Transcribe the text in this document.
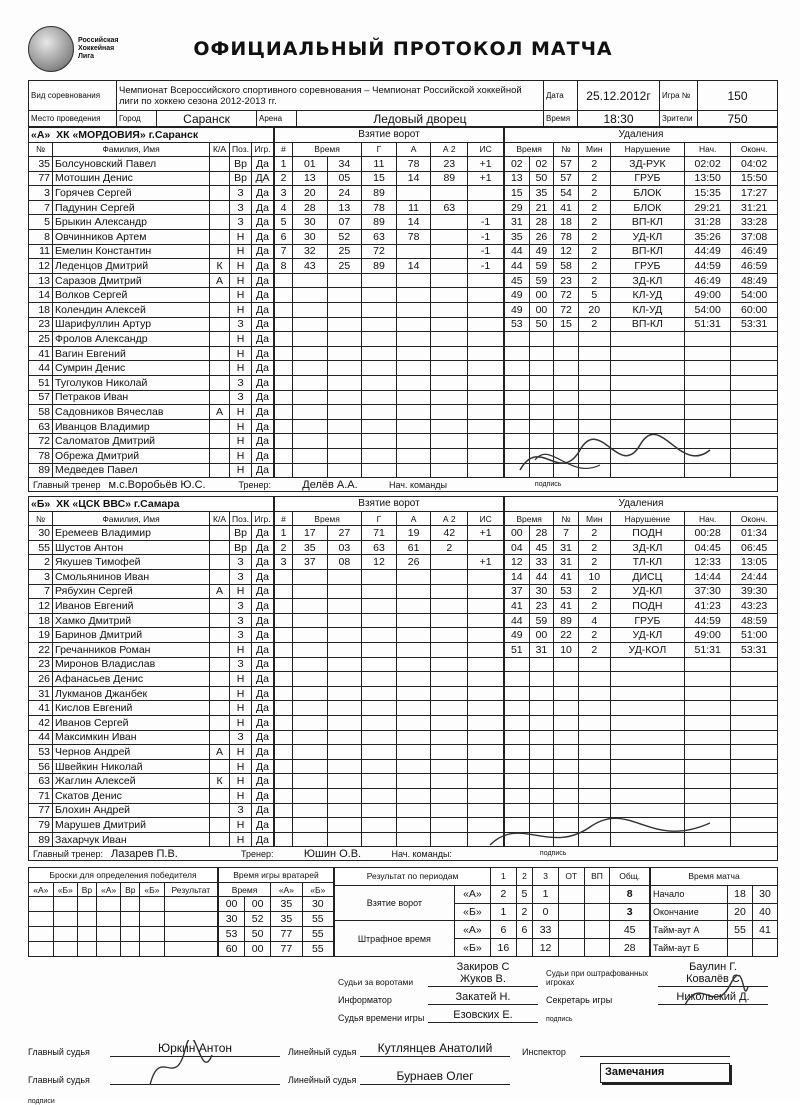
Российская
Хоккейная
Лига	ОФИЦИАЛЬНЫЙ ПРОТОКОЛ МАТЧА
Вид соревнования	Чемпионат Всероссийского спортивного соревнования – Чемпионат Российской хоккейной лиги по хоккею сезона 2012-2013 гг.				Дата	25.12.2012г	Игра №	150
Место проведения	Город	Саранск	Арена	Ледовый дворец	Время	18:30	Зрители	750
«А» ХК «МОРДОВИЯ» г.Саранск				
№	Фамилия, Имя	К/А	Поз.	Игр.
35	Болсуновский Павел		Вр	Да
77	Мотошин Денис		Вр	ДА
3	Горячев Сергей		З	Да
7	Падунин Сергей		З	Да
5	Брыкин Александр		З	Да
8	Овчинников Артем		Н	Да
11	Емелин Константин		Н	Да
12	Леденцов Дмитрий	К	Н	Да
13	Саразов Дмитрий	А	Н	Да
14	Волков Сергей		Н	Да
18	Колендин Алексей		Н	Да
23	Шарифуллин Артур		З	Да
25	Фролов Александр		Н	Да
41	Вагин Евгений		Н	Да
44	Сумрин Денис		Н	Да
51	Туголуков Николай		З	Да
57	Петраков Иван		З	Да
58	Садовников Вячеслав	А	Н	Да
63	Иванцов Владимир		Н	Да
72	Саломатов Дмитрий		Н	Да
78	Обрежа Дмитрий		Н	Да
89	Медведев Павел		Н	Да
Взятие ворот						
#	Время		Г	А	А 2	ИС
1	01	34	11	78	23	+1
2	13	05	15	14	89	+1
3	20	24	89			
4	28	13	78	11	63	
5	30	07	89	14		-1
6	30	52	63	78		-1
7	32	25	72			-1
8	43	25	89	14		-1

Удаления						
Время		№	Мин	Нарушение	Нач.	Оконч.
02	02	57	2	ЗД-РУК	02:02	04:02
13	50	57	2	ГРУБ	13:50	15:50
15	35	54	2	БЛОК	15:35	17:27
29	21	41	2	БЛОК	29:21	31:21
31	28	18	2	ВП-КЛ	31:28	33:28
35	26	78	2	УД-КЛ	35:26	37:08
44	49	12	2	ВП-КЛ	44:49	46:49
44	59	58	2	ГРУБ	44:59	46:59
45	59	23	2	ЗД-КЛ	46:49	48:49
49	00	72	5	КЛ-УД	49:00	54:00
49	00	72	20	КЛ-УД	54:00	60:00
53	50	15	2	ВП-КЛ	51:31	53:31

Главный тренер м.с.Воробьёв Ю.С.	Тренер:	Делёв А.А.	Нач. команды	подпись
«Б» ХК «ЦСК ВВС» г.Самара				
№	Фамилия, Имя	К/А	Поз.	Игр.
30	Еремеев Владимир		Вр	Да
55	Шустов Антон		Вр	Да
2	Якушев Тимофей		З	Да
3	Смольянинов Иван		З	Да
7	Рябухин Сергей	А	Н	Да
12	Иванов Евгений		З	Да
18	Хамко Дмитрий		З	Да
19	Баринов Дмитрий		З	Да
22	Гречанников Роман		Н	Да
23	Миронов Владислав		З	Да
26	Афанасьев Денис		Н	Да
31	Лукманов Джанбек		Н	Да
41	Кислов Евгений		Н	Да
42	Иванов Сергей		Н	Да
44	Максимкин Иван		З	Да
53	Чернов Андрей	А	Н	Да
56	Швейкин Николай		Н	Да
63	Жаглин Алексей	К	Н	Да
71	Скатов Денис		Н	Да
77	Блохин Андрей		З	Да
79	Марушев Дмитрий		Н	Да
89	Захарчук Иван		Н	Да
Взятие ворот						
#	Время		Г	А	А 2	ИС
1	17	27	71	19	42	+1
2	35	03	63	61	2	
3	37	08	12	26		+1

Удаления						
Время		№	Мин	Нарушение	Нач.	Оконч.
00	28	7	2	ПОДН	00:28	01:34
04	45	31	2	ЗД-КЛ	04:45	06:45
12	33	31	2	ТЛ-КЛ	12:33	13:05
14	44	41	10	ДИСЦ	14:44	24:44
37	30	53	2	УД-КЛ	37:30	39:30
41	23	41	2	ПОДН	41:23	43:23
44	59	89	4	ГРУБ	44:59	48:59
49	00	22	2	УД-КЛ	49:00	51:00
51	31	10	2	УД-КОЛ	51:31	53:31

Главный тренер: Лазарев П.В.	Тренер:	Юшин О.В.	Нач. команды:	подпись
Броски для определения победителя						
«А»	«Б»	Вр	«А»	Вр	«Б»	Результат

Время игры вратарей			
Время		«А»	«Б»
00	00	35	30
30	52	35	55
53	50	77	55
60	00	77	55
Результат по периодам		1	2	3	ОТ	ВП	Общ.
Взятие ворот	«А»	2	5	1			8
	«Б»	1	2	0			3
Штрафное время	«А»	6	6	33			45
	«Б»	16		12			28
Время матча		
Начало	18	30
Окончание	20	40
Тайм-аут А	55	41
Тайм-аут Б		
Судьи за воротами
Закиров С
Жуков В.	Судьи при оштрафованных игроках
Баулин Г.
Ковалёв С
Информатор	Закатей Н.	Секретарь игры	Никольский Д.
Судья времени игры	Езовских Е.	подпись
Главный судья	Юркин Антон	Линейный судья	Кутлянцев Анатолий	Инспектор
Главный судья	Линейный судья	Бурнаев Олег
подписи
Замечания
